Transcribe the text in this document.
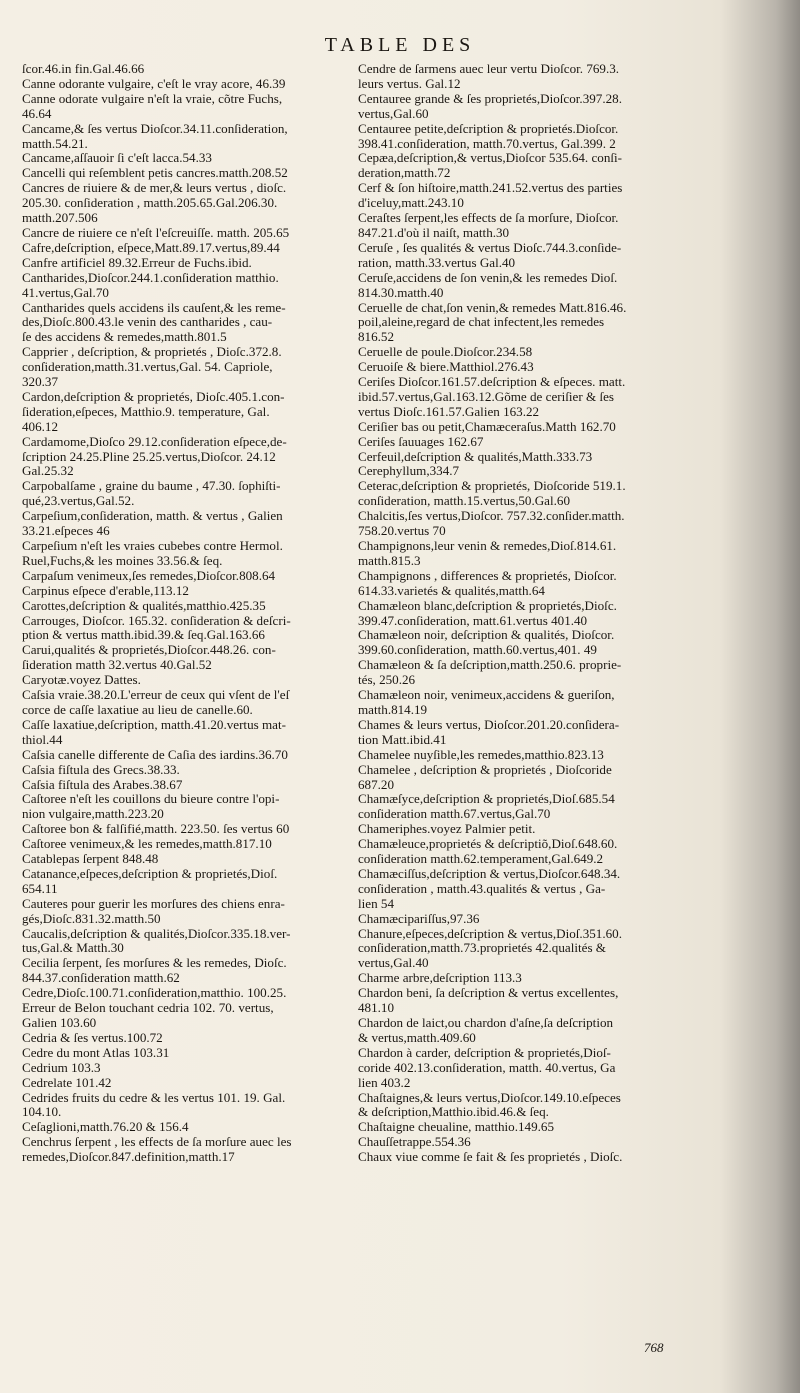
TABLE DES
ſcor.46.in fin.Gal.46.66
Canne odorante vulgaire, c'eſt le vray acore, 46.39
Canne odorate vulgaire n'eſt la vraie, cõtre Fuchs,
46.64
Cancame,& ſes vertus Dioſcor.34.11.conſideration,
matth.54.21.
Cancame,aſſauoir ſi c'eſt lacca.54.33
Cancelli qui reſemblent petis cancres.matth.208.52
Cancres de riuiere & de mer,& leurs vertus , dioſc.
205.30. conſideration , matth.205.65.Gal.206.30.
matth.207.506
Cancre de riuiere ce n'eſt l'eſcreuiſſe. matth. 205.65
Cafre,deſcription, eſpece,Matt.89.17.vertus,89.44
Canfre artificiel 89.32.Erreur de Fuchs.ibid.
Cantharides,Dioſcor.244.1.conſideration matthio.
41.vertus,Gal.70
Cantharides quels accidens ils cauſent,& les reme-
des,Dioſc.800.43.le venin des cantharides , cau-
ſe des accidens & remedes,matth.801.5
Capprier , deſcription, & proprietés , Dioſc.372.8.
conſideration,matth.31.vertus,Gal. 54. Capriole,
320.37
Cardon,deſcription & proprietés, Dioſc.405.1.con-
ſideration,eſpeces, Matthio.9. temperature, Gal.
406.12
Cardamome,Dioſco 29.12.conſideration eſpece,de-
ſcription 24.25.Pline 25.25.vertus,Dioſcor. 24.12
Gal.25.32
Carpobalſame , graine du baume , 47.30. ſophiſti-
qué,23.vertus,Gal.52.
Carpeſium,conſideration, matth. & vertus , Galien
33.21.eſpeces 46
Carpeſium n'eſt les vraies cubebes contre Hermol.
Ruel,Fuchs,& les moines 33.56.& ſeq.
Carpaſum venimeux,ſes remedes,Dioſcor.808.64
Carpinus eſpece d'erable,113.12
Carottes,deſcription & qualités,matthio.425.35
Carrouges, Dioſcor. 165.32. conſideration & deſcri-
ption & vertus matth.ibid.39.& ſeq.Gal.163.66
Carui,qualités & proprietés,Dioſcor.448.26. con-
ſideration matth 32.vertus 40.Gal.52
Caryotæ.voyez Dattes.
Caſsia vraie.38.20.L'erreur de ceux qui vſent de l'eſ
corce de caſſe laxatiue au lieu de canelle.60.
Caſſe laxatiue,deſcription, matth.41.20.vertus mat-
thiol.44
Caſsia canelle differente de Caſia des iardins.36.70
Caſsia fiſtula des Grecs.38.33.
Caſsia fiſtula des Arabes.38.67
Caſtoree n'eſt les couillons du bieure contre l'opi-
nion vulgaire,matth.223.20
Caſtoree bon & falſifié,matth. 223.50. ſes vertus 60
Caſtoree venimeux,& les remedes,matth.817.10
Catablepas ſerpent 848.48
Catanance,eſpeces,deſcription & proprietés,Dioſ.
654.11
Cauteres pour guerir les morſures des chiens enra-
gés,Dioſc.831.32.matth.50
Caucalis,deſcription & qualités,Dioſcor.335.18.ver-
tus,Gal.& Matth.30
Cecilia ſerpent, ſes morſures & les remedes, Dioſc.
844.37.conſideration matth.62
Cedre,Dioſc.100.71.conſideration,matthio. 100.25.
Erreur de Belon touchant cedria 102. 70. vertus,
Galien 103.60
Cedria & ſes vertus.100.72
Cedre du mont Atlas 103.31
Cedrium 103.3
Cedrelate 101.42
Cedrides fruits du cedre & les vertus 101. 19. Gal.
104.10.
Ceſaglioni,matth.76.20 & 156.4
Cenchrus ſerpent , les effects de ſa morſure auec les
remedes,Dioſcor.847.definition,matth.17
Cendre de ſarmens auec leur vertu Dioſcor. 769.3.
leurs vertus. Gal.12
Centauree grande & ſes proprietés,Dioſcor.397.28.
vertus,Gal.60
Centauree petite,deſcription & proprietés.Dioſcor.
398.41.conſideration, matth.70.vertus, Gal.399. 2
Cepæa,deſcription,& vertus,Dioſcor 535.64. conſi-
deration,matth.72
Cerf & ſon hiſtoire,matth.241.52.vertus des parties
d'iceluy,matt.243.10
Ceraſtes ſerpent,les effects de ſa morſure, Dioſcor.
847.21.d'où il naiſt, matth.30
Ceruſe , ſes qualités & vertus Dioſc.744.3.conſide-
ration, matth.33.vertus Gal.40
Ceruſe,accidens de ſon venin,& les remedes Dioſ.
814.30.matth.40
Ceruelle de chat,ſon venin,& remedes Matt.816.46.
poil,aleine,regard de chat infectent,les remedes
816.52
Ceruelle de poule.Dioſcor.234.58
Ceruoiſe & biere.Matthiol.276.43
Ceriſes Dioſcor.161.57.deſcription & eſpeces. matt.
ibid.57.vertus,Gal.163.12.Gõme de ceriſier & ſes
vertus Dioſc.161.57.Galien 163.22
Ceriſier bas ou petit,Chamæceraſus.Matth 162.70
Ceriſes ſauuages 162.67
Cerfeuil,deſcription & qualités,Matth.333.73
Cerephyllum,334.7
Ceterac,deſcription & proprietés, Dioſcoride 519.1.
conſideration, matth.15.vertus,50.Gal.60
Chalcitis,ſes vertus,Dioſcor. 757.32.conſider.matth.
758.20.vertus 70
Champignons,leur venin & remedes,Dioſ.814.61.
matth.815.3
Champignons , differences & proprietés, Dioſcor.
614.33.varietés & qualités,matth.64
Chamæleon blanc,deſcription & proprietés,Dioſc.
399.47.conſideration, matt.61.vertus 401.40
Chamæleon noir, deſcription & qualités, Dioſcor.
399.60.conſideration, matth.60.vertus,401. 49
Chamæleon & ſa deſcription,matth.250.6. proprie-
tés, 250.26
Chamæleon noir, venimeux,accidens & gueriſon,
matth.814.19
Chames & leurs vertus, Dioſcor.201.20.conſidera-
tion Matt.ibid.41
Chamelee nuyſible,les remedes,matthio.823.13
Chamelee , deſcription & proprietés , Dioſcoride
687.20
Chamæſyce,deſcription & proprietés,Dioſ.685.54
conſideration matth.67.vertus,Gal.70
Chameriphes.voyez Palmier petit.
Chamæleuce,proprietés & deſcriptiõ,Dioſ.648.60.
conſideration matth.62.temperament,Gal.649.2
Chamæciſſus,deſcription & vertus,Dioſcor.648.34.
conſideration , matth.43.qualités & vertus , Ga-
lien 54
Chamæcipariſſus,97.36
Chanure,eſpeces,deſcription & vertus,Dioſ.351.60.
conſideration,matth.73.proprietés 42.qualités &
vertus,Gal.40
Charme arbre,deſcription 113.3
Chardon beni, ſa deſcription & vertus excellentes,
481.10
Chardon de laict,ou chardon d'aſne,ſa deſcription
& vertus,matth.409.60
Chardon à carder, deſcription & proprietés,Dioſ-
coride 402.13.conſideration, matth. 40.vertus, Ga
lien 403.2
Chaſtaignes,& leurs vertus,Dioſcor.149.10.eſpeces
& deſcription,Matthio.ibid.46.& ſeq.
Chaſtaigne cheualine, matthio.149.65
Chauſſetrappe.554.36
Chaux viue comme ſe fait & ſes proprietés , Dioſc.
768
